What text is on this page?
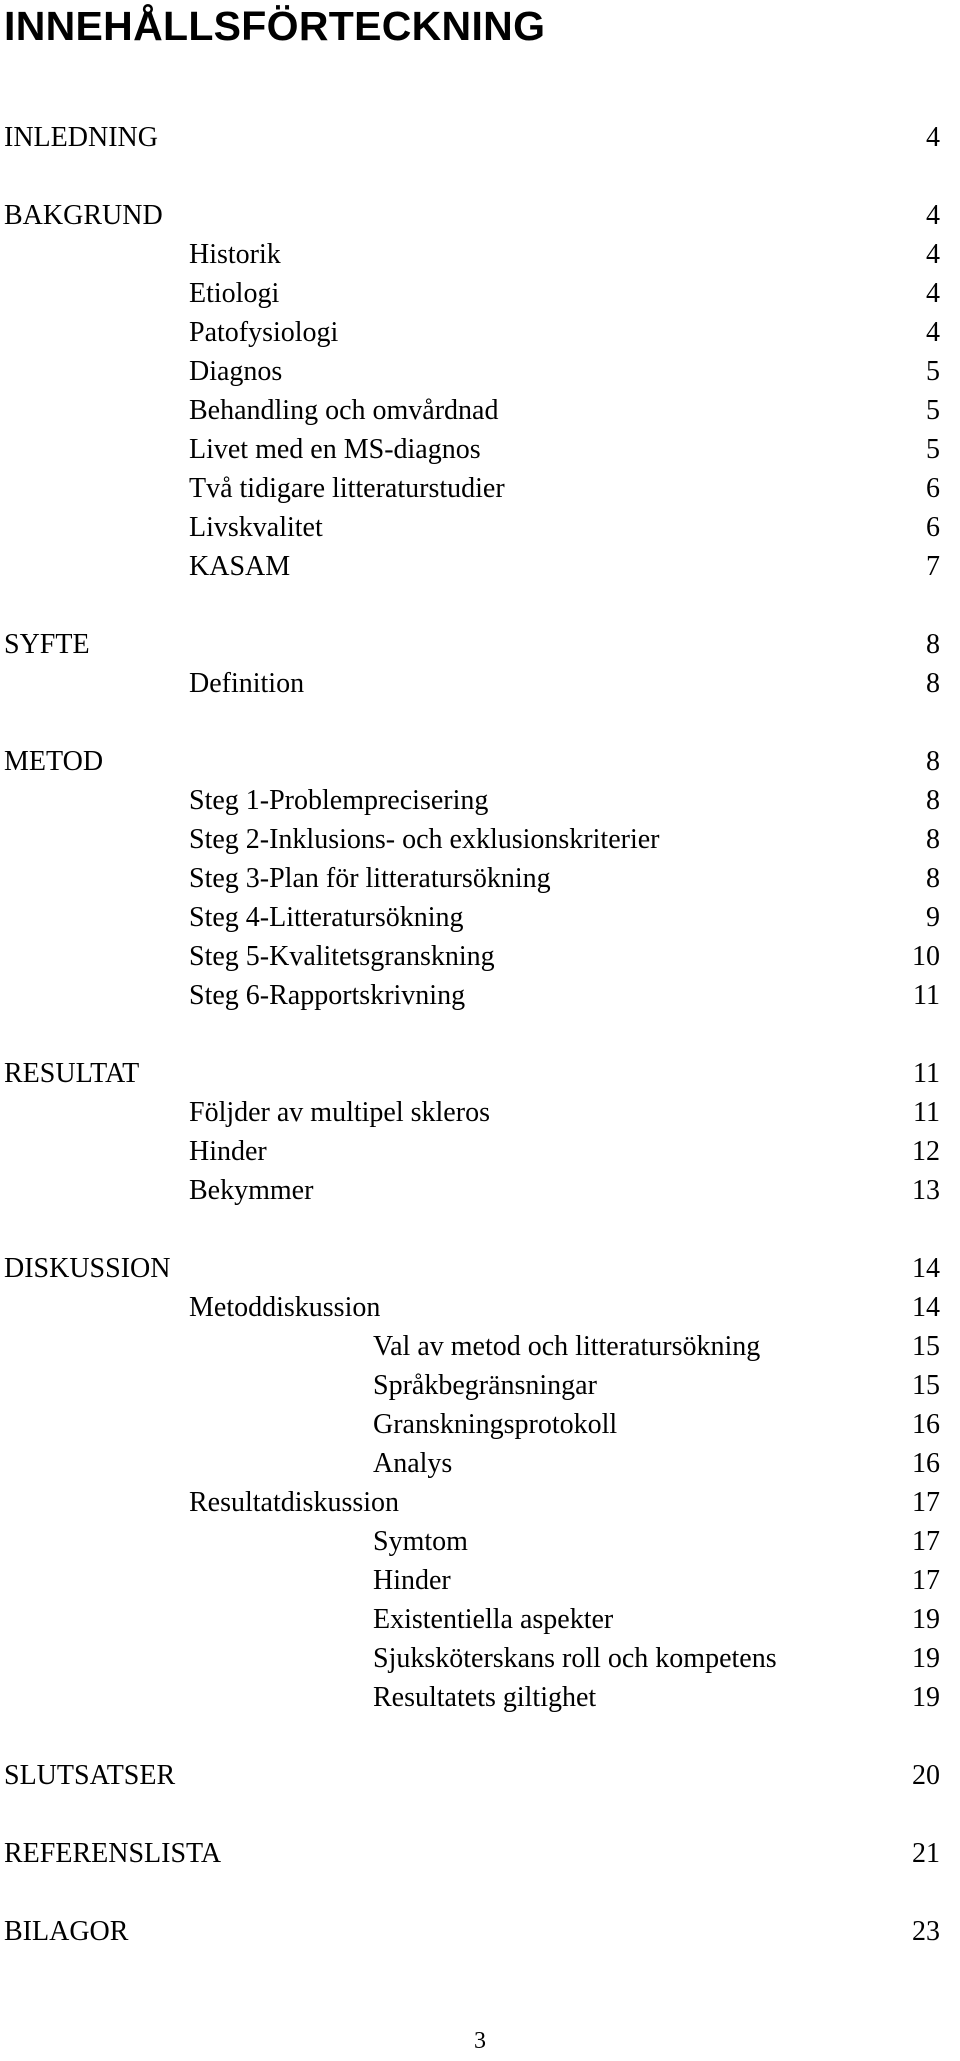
INNEHÅLLSFÖRTECKNING
INLEDNING	4
BAKGRUND	4
Historik	4
Etiologi	4
Patofysiologi	4
Diagnos	5
Behandling och omvårdnad	5
Livet med en MS-diagnos	5
Två tidigare litteraturstudier	6
Livskvalitet	6
KASAM	7
SYFTE	8
Definition	8
METOD	8
Steg 1-Problemprecisering	8
Steg 2-Inklusions- och exklusionskriterier	8
Steg 3-Plan för litteratursökning	8
Steg 4-Litteratursökning	9
Steg 5-Kvalitetsgranskning	10
Steg 6-Rapportskrivning	11
RESULTAT	11
Följder av multipel skleros	11
Hinder	12
Bekymmer	13
DISKUSSION	14
Metoddiskussion	14
Val av metod och litteratursökning	15
Språkbegränsningar	15
Granskningsprotokoll	16
Analys	16
Resultatdiskussion	17
Symtom	17
Hinder	17
Existentiella aspekter	19
Sjuksköterskans roll och kompetens	19
Resultatets giltighet	19
SLUTSATSER	20
REFERENSLISTA	21
BILAGOR	23
3
